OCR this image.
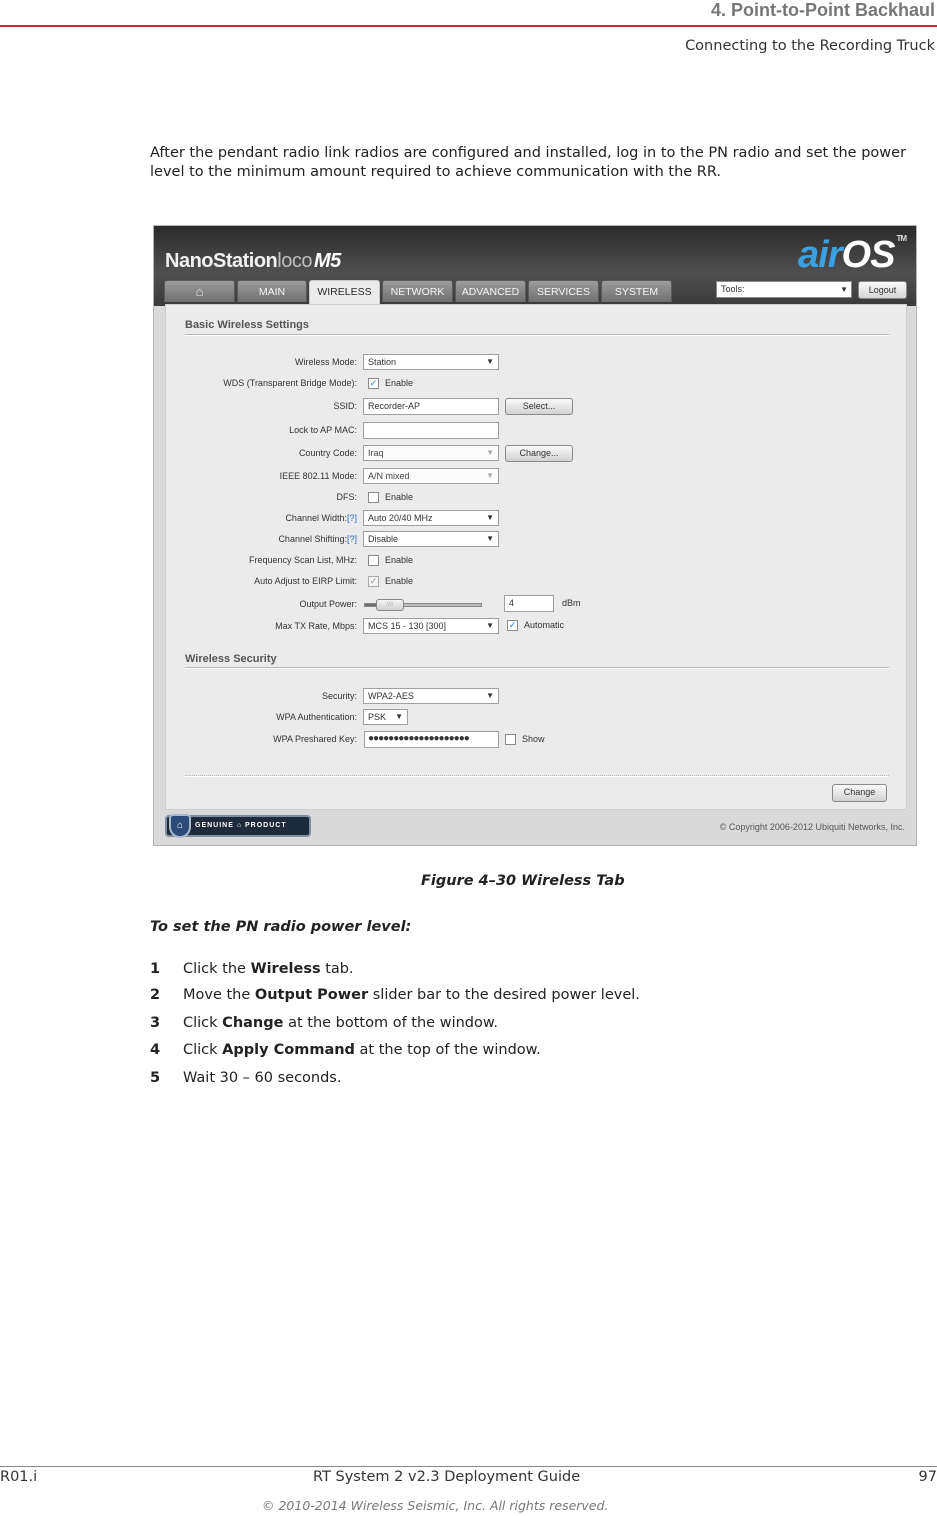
4. Point-to-Point Backhaul
Connecting to the Recording Truck

After the pendant radio link radios are configured and installed, log in to the PN radio and set the power level to the minimum amount required to achieve communication with the RR.

NanoStationloco M5	airOS ™
⌂	MAIN	WIRELESS	NETWORK	ADVANCED	SERVICES	SYSTEM	Tools:	▼	Logout
Basic Wireless Settings
Wireless Mode:	Station	▼
WDS (Transparent Bridge Mode): ✓ Enable
SSID:	Recorder-AP	Select...
Lock to AP MAC:
Country Code:	Iraq	▼	Change...
IEEE 802.11 Mode:	A/N mixed	▼
DFS:	Enable
Channel Width:[?]	Auto 20/40 MHz	▼
Channel Shifting:[?]	Disable	▼
Frequency Scan List, MHz:	Enable
Auto Adjust to EIRP Limit: ✓ Enable
Output Power:	////	4	dBm
Max TX Rate, Mbps:	MCS 15 - 130 [300]	▼ ✓ Automatic
Wireless Security
Security:	WPA2-AES	▼
WPA Authentication:	PSK ▼
WPA Preshared Key:	●●●●●●●●●●●●●●●●●●●●	Show
Change
⌂	GENUINE ⌂ PRODUCT	© Copyright 2006-2012 Ubiquiti Networks, Inc.
Figure 4–30 Wireless Tab
To set the PN radio power level:
1 Click the Wireless tab.
2 Move the Output Power slider bar to the desired power level.
3 Click Change at the bottom of the window.
4 Click Apply Command at the top of the window.
5 Wait 30 – 60 seconds.
R01.i	RT System 2 v2.3 Deployment Guide	97
© 2010-2014 Wireless Seismic, Inc. All rights reserved.
